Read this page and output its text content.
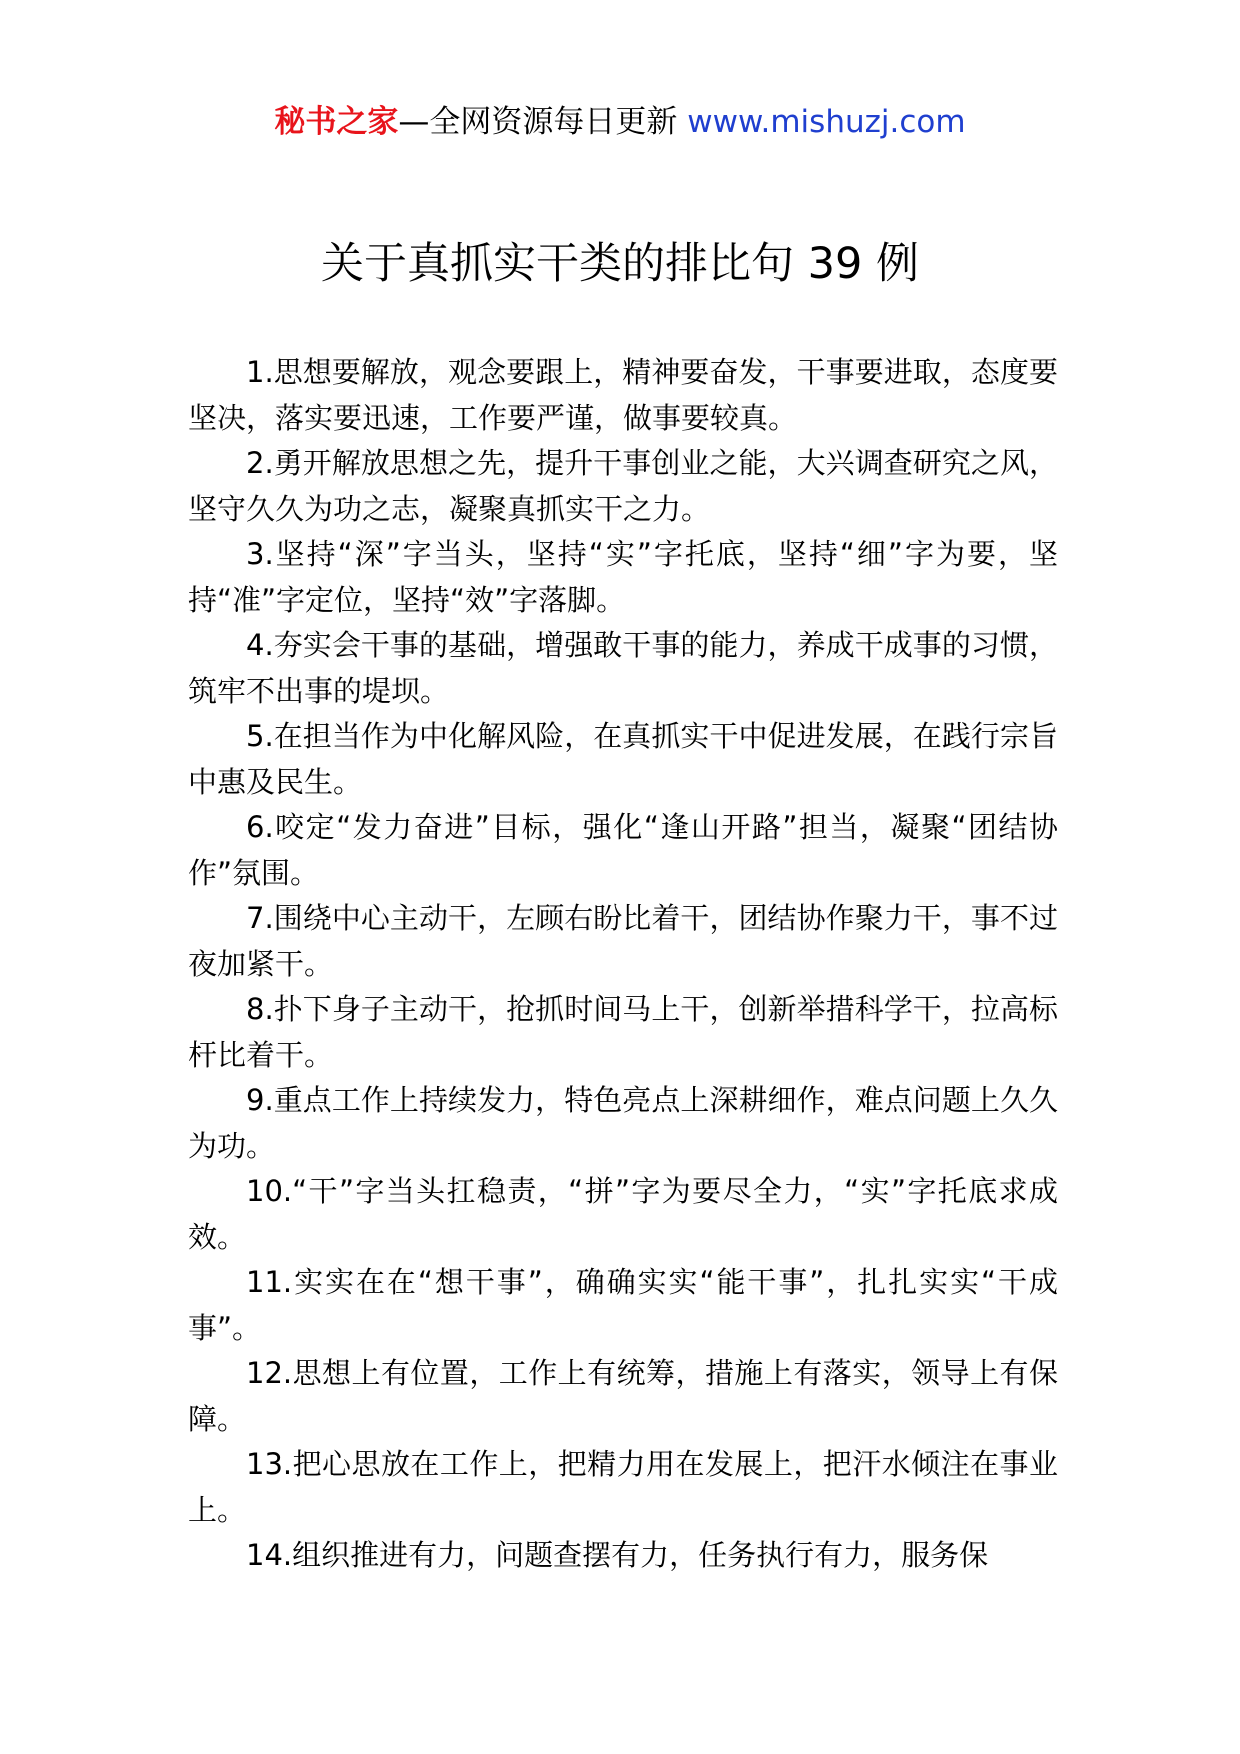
秘书之家—全网资源每日更新 www.mishuzj.com
关于真抓实干类的排比句 39 例

1.思想要解放，观念要跟上，精神要奋发，干事要进取，态度要坚决，落实要迅速，工作要严谨，做事要较真。

2.勇开解放思想之先，提升干事创业之能，大兴调查研究之风，坚守久久为功之志，凝聚真抓实干之力。

3.坚持“深”字当头，坚持“实”字托底，坚持“细”字为要，坚持“准”字定位，坚持“效”字落脚。

4.夯实会干事的基础，增强敢干事的能力，养成干成事的习惯，筑牢不出事的堤坝。

5.在担当作为中化解风险，在真抓实干中促进发展，在践行宗旨中惠及民生。

6.咬定“发力奋进”目标，强化“逢山开路”担当，凝聚“团结协作”氛围。

7.围绕中心主动干，左顾右盼比着干，团结协作聚力干，事不过夜加紧干。

8.扑下身子主动干，抢抓时间马上干，创新举措科学干，拉高标杆比着干。

9.重点工作上持续发力，特色亮点上深耕细作，难点问题上久久为功。

10.“干”字当头扛稳责，“拼”字为要尽全力，“实”字托底求成效。

11.实实在在“想干事”，确确实实“能干事”，扎扎实实“干成事”。

12.思想上有位置，工作上有统筹，措施上有落实，领导上有保障。

13.把心思放在工作上，把精力用在发展上，把汗水倾注在事业上。

14.组织推进有力，问题查摆有力，任务执行有力，服务保
